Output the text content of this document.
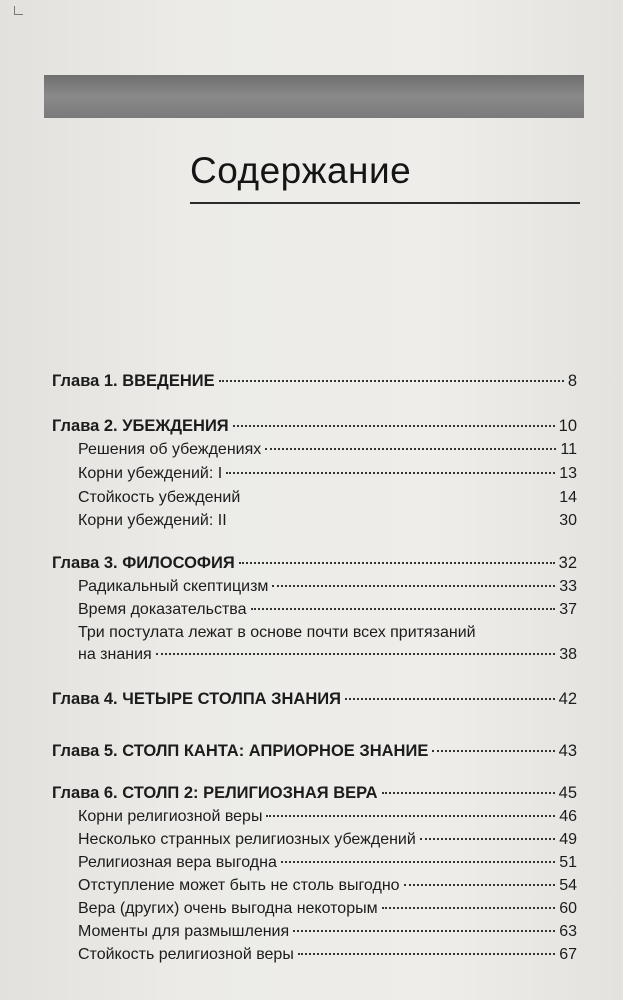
Содержание
Глава 1. ВВЕДЕНИЕ	8
Глава 2. УБЕЖДЕНИЯ	10
Решения об убеждениях	11
Корни убеждений: I	13
Стойкость убеждений	14
Корни убеждений: II	30
Глава 3. ФИЛОСОФИЯ	32
Радикальный скептицизм	33
Время доказательства	37
Три постулата лежат в основе почти всех притязаний
на знания	38
Глава 4. ЧЕТЫРЕ СТОЛПА ЗНАНИЯ	42
Глава 5. СТОЛП КАНТА: АПРИОРНОЕ ЗНАНИЕ	43
Глава 6. СТОЛП 2: РЕЛИГИОЗНАЯ ВЕРА	45
Корни религиозной веры	46
Несколько странных религиозных убеждений	49
Религиозная вера выгодна	51
Отступление может быть не столь выгодно	54
Вера (других) очень выгодна некоторым	60
Моменты для размышления	63
Стойкость религиозной веры	67
